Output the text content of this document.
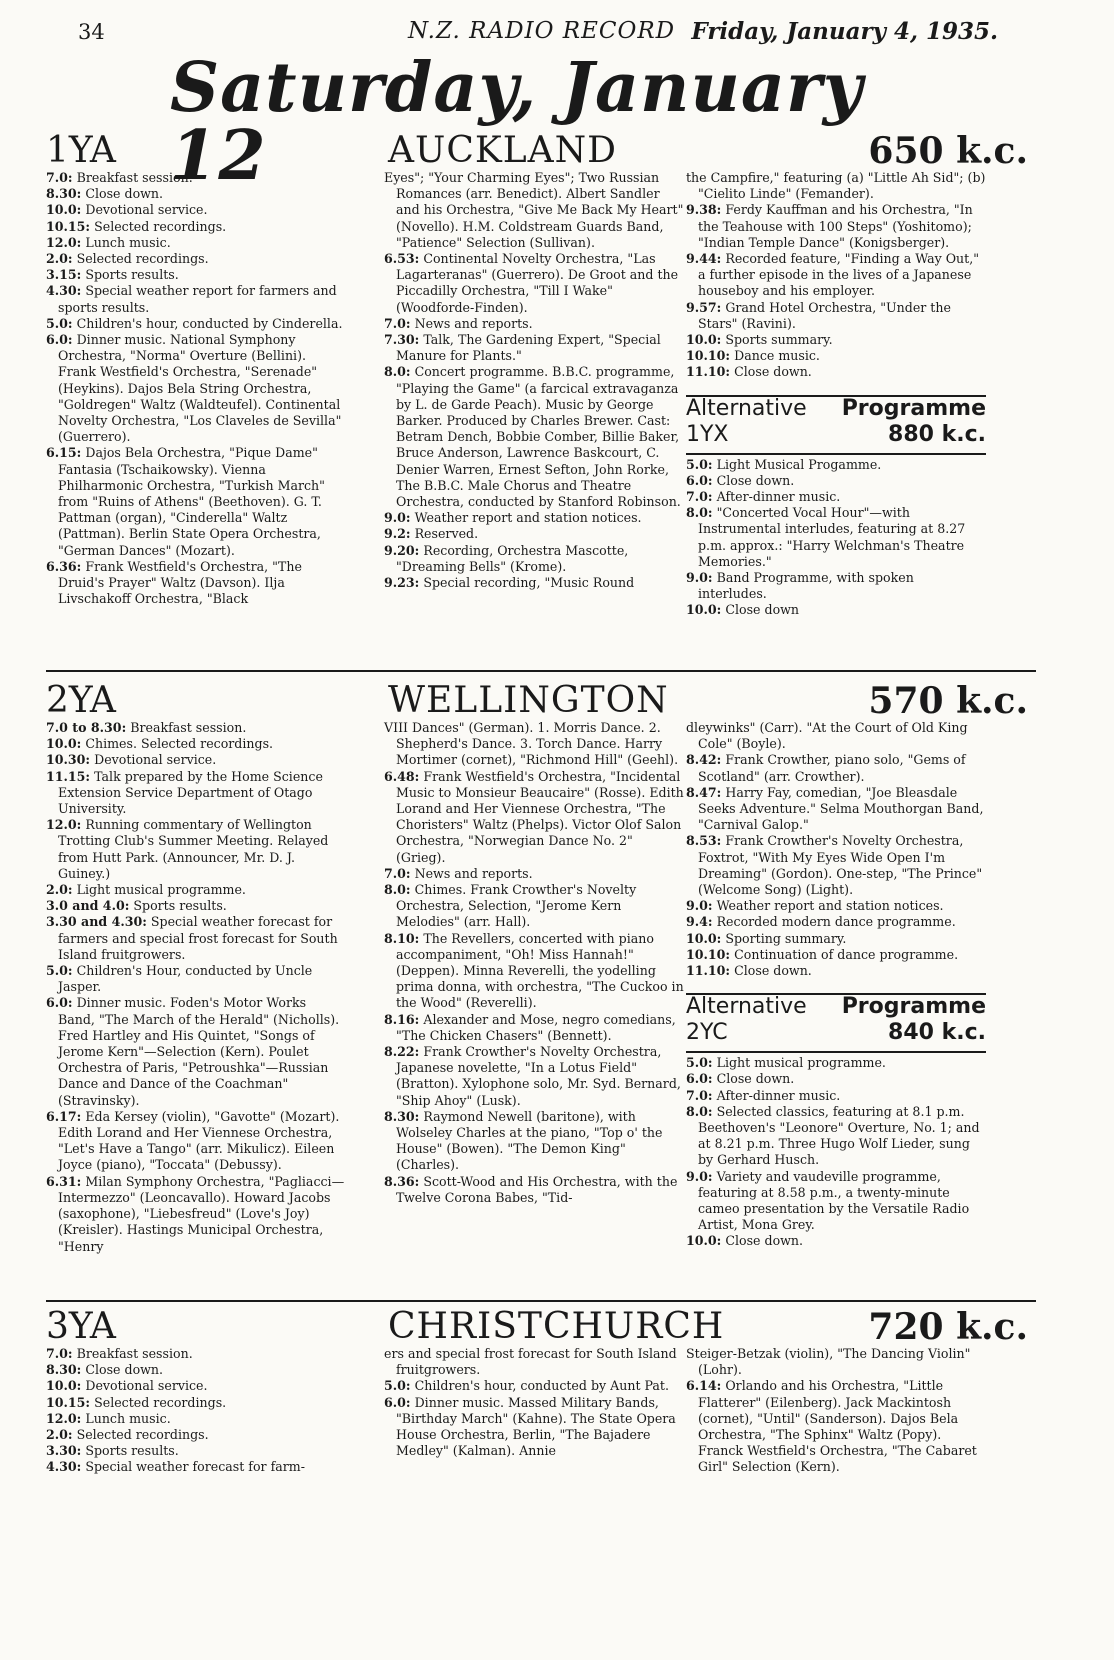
34	N.Z. RADIO RECORD Friday, January 4, 1935.
Saturday, January 12
1YA	AUCKLAND	650 k.c.

7.0: Breakfast session.

8.30: Close down.

10.0: Devotional service.

10.15: Selected recordings.

12.0: Lunch music.

2.0: Selected recordings.

3.15: Sports results.

4.30: Special weather report for farmers and sports results.

5.0: Children's hour, conducted by Cinderella.

6.0: Dinner music. National Symphony Orchestra, "Norma" Overture (Bellini). Frank Westfield's Orchestra, "Serenade" (Heykins). Dajos Bela String Orchestra, "Goldregen" Waltz (Waldteufel). Continental Novelty Orchestra, "Los Claveles de Sevilla" (Guerrero).

6.15: Dajos Bela Orchestra, "Pique Dame" Fantasia (Tschaikowsky). Vienna Philharmonic Orchestra, "Turkish March" from "Ruins of Athens" (Beethoven). G. T. Pattman (organ), "Cinderella" Waltz (Pattman). Berlin State Opera Orchestra, "German Dances" (Mozart).

6.36: Frank Westfield's Orchestra, "The Druid's Prayer" Waltz (Davson). Ilja Livschakoff Orchestra, "Black

Eyes"; "Your Charming Eyes"; Two Russian Romances (arr. Benedict). Albert Sandler and his Orchestra, "Give Me Back My Heart" (Novello). H.M. Coldstream Guards Band, "Patience" Selection (Sullivan).

6.53: Continental Novelty Orchestra, "Las Lagarteranas" (Guerrero). De Groot and the Piccadilly Orchestra, "Till I Wake" (Woodforde-Finden).

7.0: News and reports.

7.30: Talk, The Gardening Expert, "Special Manure for Plants."

8.0: Concert programme. B.B.C. programme, "Playing the Game" (a farcical extravaganza by L. de Garde Peach). Music by George Barker. Produced by Charles Brewer. Cast: Betram Dench, Bobbie Comber, Billie Baker, Bruce Anderson, Lawrence Baskcourt, C. Denier Warren, Ernest Sefton, John Rorke, The B.B.C. Male Chorus and Theatre Orchestra, conducted by Stanford Robinson.

9.0: Weather report and station notices.

9.2: Reserved.

9.20: Recording, Orchestra Mascotte, "Dreaming Bells" (Krome).

9.23: Special recording, "Music Round

the Campfire," featuring (a) "Little Ah Sid"; (b) "Cielito Linde" (Femander).

9.38: Ferdy Kauffman and his Orchestra, "In the Teahouse with 100 Steps" (Yoshitomo); "Indian Temple Dance" (Konigsberger).

9.44: Recorded feature, "Finding a Way Out," a further episode in the lives of a Japanese houseboy and his employer.

9.57: Grand Hotel Orchestra, "Under the Stars" (Ravini).

10.0: Sports summary.

10.10: Dance music.

11.10: Close down.

Alternative Programme
1YX	880 k.c.

5.0: Light Musical Progamme.

6.0: Close down.

7.0: After-dinner music.

8.0: "Concerted Vocal Hour"—with Instrumental interludes, featuring at 8.27 p.m. approx.: "Harry Welchman's Theatre Memories."

9.0: Band Programme, with spoken interludes.

10.0: Close down

2YA	WELLINGTON	570 k.c.

7.0 to 8.30: Breakfast session.

10.0: Chimes. Selected recordings.

10.30: Devotional service.

11.15: Talk prepared by the Home Science Extension Service Department of Otago University.

12.0: Running commentary of Wellington Trotting Club's Summer Meeting. Relayed from Hutt Park. (Announcer, Mr. D. J. Guiney.)

2.0: Light musical programme.

3.0 and 4.0: Sports results.

3.30 and 4.30: Special weather forecast for farmers and special frost forecast for South Island fruitgrowers.

5.0: Children's Hour, conducted by Uncle Jasper.

6.0: Dinner music. Foden's Motor Works Band, "The March of the Herald" (Nicholls). Fred Hartley and His Quintet, "Songs of Jerome Kern"—Selection (Kern). Poulet Orchestra of Paris, "Petroushka"—Russian Dance and Dance of the Coachman" (Stravinsky).

6.17: Eda Kersey (violin), "Gavotte" (Mozart). Edith Lorand and Her Viennese Orchestra, "Let's Have a Tango" (arr. Mikulicz). Eileen Joyce (piano), "Toccata" (Debussy).

6.31: Milan Symphony Orchestra, "Pagliacci—Intermezzo" (Leoncavallo). Howard Jacobs (saxophone), "Liebesfreud" (Love's Joy) (Kreisler). Hastings Municipal Orchestra, "Henry

VIII Dances" (German). 1. Morris Dance. 2. Shepherd's Dance. 3. Torch Dance. Harry Mortimer (cornet), "Richmond Hill" (Geehl).

6.48: Frank Westfield's Orchestra, "Incidental Music to Monsieur Beaucaire" (Rosse). Edith Lorand and Her Viennese Orchestra, "The Choristers" Waltz (Phelps). Victor Olof Salon Orchestra, "Norwegian Dance No. 2" (Grieg).

7.0: News and reports.

8.0: Chimes. Frank Crowther's Novelty Orchestra, Selection, "Jerome Kern Melodies" (arr. Hall).

8.10: The Revellers, concerted with piano accompaniment, "Oh! Miss Hannah!" (Deppen). Minna Reverelli, the yodelling prima donna, with orchestra, "The Cuckoo in the Wood" (Reverelli).

8.16: Alexander and Mose, negro comedians, "The Chicken Chasers" (Bennett).

8.22: Frank Crowther's Novelty Orchestra, Japanese novelette, "In a Lotus Field" (Bratton). Xylophone solo, Mr. Syd. Bernard, "Ship Ahoy" (Lusk).

8.30: Raymond Newell (baritone), with Wolseley Charles at the piano, "Top o' the House" (Bowen). "The Demon King" (Charles).

8.36: Scott-Wood and His Orchestra, with the Twelve Corona Babes, "Tid-

dleywinks" (Carr). "At the Court of Old King Cole" (Boyle).

8.42: Frank Crowther, piano solo, "Gems of Scotland" (arr. Crowther).

8.47: Harry Fay, comedian, "Joe Bleasdale Seeks Adventure." Selma Mouthorgan Band, "Carnival Galop."

8.53: Frank Crowther's Novelty Orchestra, Foxtrot, "With My Eyes Wide Open I'm Dreaming" (Gordon). One-step, "The Prince" (Welcome Song) (Light).

9.0: Weather report and station notices.

9.4: Recorded modern dance programme.

10.0: Sporting summary.

10.10: Continuation of dance programme.

11.10: Close down.

Alternative Programme
2YC	840 k.c.

5.0: Light musical programme.

6.0: Close down.

7.0: After-dinner music.

8.0: Selected classics, featuring at 8.1 p.m. Beethoven's "Leonore" Overture, No. 1; and at 8.21 p.m. Three Hugo Wolf Lieder, sung by Gerhard Husch.

9.0: Variety and vaudeville programme, featuring at 8.58 p.m., a twenty-minute cameo presentation by the Versatile Radio Artist, Mona Grey.

10.0: Close down.

3YA	CHRISTCHURCH	720 k.c.

7.0: Breakfast session.

8.30: Close down.

10.0: Devotional service.

10.15: Selected recordings.

12.0: Lunch music.

2.0: Selected recordings.

3.30: Sports results.

4.30: Special weather forecast for farm-

ers and special frost forecast for South Island fruitgrowers.

5.0: Children's hour, conducted by Aunt Pat.

6.0: Dinner music. Massed Military Bands, "Birthday March" (Kahne). The State Opera House Orchestra, Berlin, "The Bajadere Medley" (Kalman). Annie

Steiger-Betzak (violin), "The Dancing Violin" (Lohr).

6.14: Orlando and his Orchestra, "Little Flatterer" (Eilenberg). Jack Mackintosh (cornet), "Until" (Sanderson). Dajos Bela Orchestra, "The Sphinx" Waltz (Popy). Franck Westfield's Orchestra, "The Cabaret Girl" Selection (Kern).
